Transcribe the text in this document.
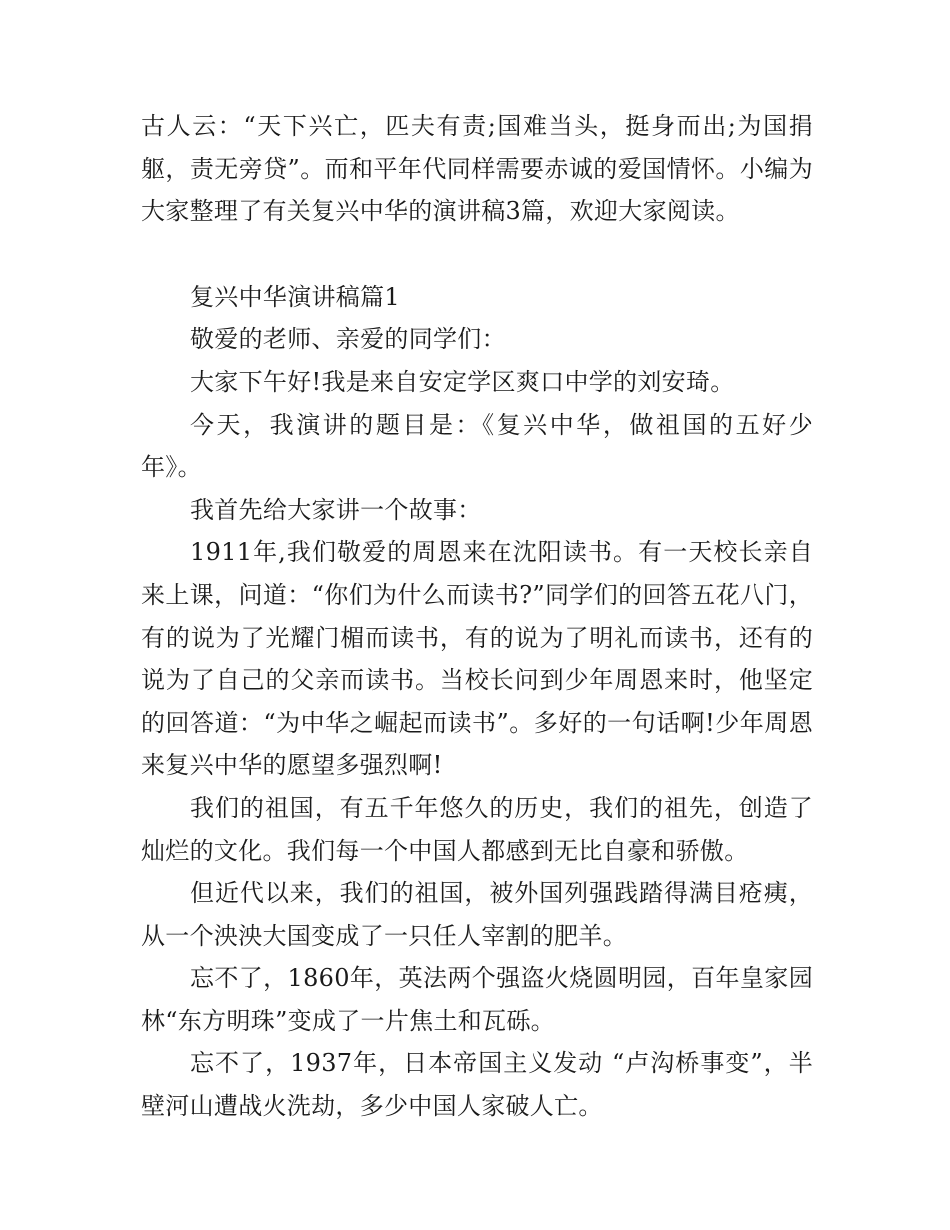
古人云：“天下兴亡，匹夫有责;国难当头，挺身而出;为国捐躯，责无旁贷”。而和平年代同样需要赤诚的爱国情怀。小编为大家整理了有关复兴中华的演讲稿3篇，欢迎大家阅读。

复兴中华演讲稿篇1

敬爱的老师、亲爱的同学们：

大家下午好!我是来自安定学区爽口中学的刘安琦。

今天，我演讲的题目是：《复兴中华，做祖国的五好少年》。

我首先给大家讲一个故事：

1911年,我们敬爱的周恩来在沈阳读书。有一天校长亲自来上课，问道：“你们为什么而读书?”同学们的回答五花八门，有的说为了光耀门楣而读书，有的说为了明礼而读书，还有的说为了自己的父亲而读书。当校长问到少年周恩来时，他坚定的回答道：“为中华之崛起而读书”。多好的一句话啊!少年周恩来复兴中华的愿望多强烈啊!

我们的祖国，有五千年悠久的历史，我们的祖先，创造了灿烂的文化。我们每一个中国人都感到无比自豪和骄傲。

但近代以来，我们的祖国，被外国列强践踏得满目疮痍，从一个泱泱大国变成了一只任人宰割的肥羊。

忘不了，1860年，英法两个强盗火烧圆明园，百年皇家园林“东方明珠”变成了一片焦土和瓦砾。

忘不了，1937年，日本帝国主义发动 “卢沟桥事变”，半壁河山遭战火洗劫，多少中国人家破人亡。
